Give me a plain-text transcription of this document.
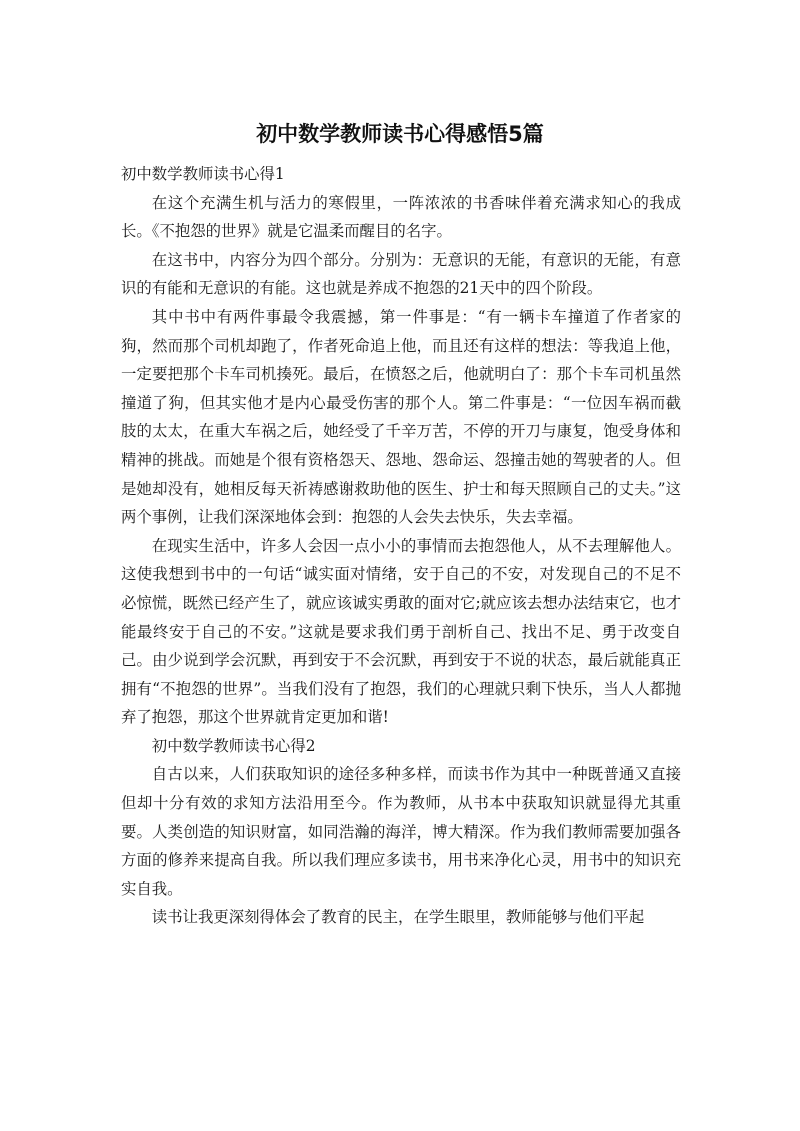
初中数学教师读书心得感悟5篇

初中数学教师读书心得1

在这个充满生机与活力的寒假里，一阵浓浓的书香味伴着充满求知心的我成长。《不抱怨的世界》就是它温柔而醒目的名字。

在这书中，内容分为四个部分。分别为：无意识的无能，有意识的无能，有意识的有能和无意识的有能。这也就是养成不抱怨的21天中的四个阶段。

其中书中有两件事最令我震撼，第一件事是：“有一辆卡车撞道了作者家的狗，然而那个司机却跑了，作者死命追上他，而且还有这样的想法：等我追上他，一定要把那个卡车司机揍死。最后，在愤怒之后，他就明白了：那个卡车司机虽然撞道了狗，但其实他才是内心最受伤害的那个人。第二件事是：“一位因车祸而截肢的太太，在重大车祸之后，她经受了千辛万苦，不停的开刀与康复，饱受身体和精神的挑战。而她是个很有资格怨天、怨地、怨命运、怨撞击她的驾驶者的人。但是她却没有，她相反每天祈祷感谢救助他的医生、护士和每天照顾自己的丈夫。”这两个事例，让我们深深地体会到：抱怨的人会失去快乐，失去幸福。

在现实生活中，许多人会因一点小小的事情而去抱怨他人，从不去理解他人。这使我想到书中的一句话“诚实面对情绪，安于自己的不安，对发现自己的不足不必惊慌，既然已经产生了，就应该诚实勇敢的面对它;就应该去想办法结束它，也才能最终安于自己的不安。”这就是要求我们勇于剖析自己、找出不足、勇于改变自己。由少说到学会沉默，再到安于不会沉默，再到安于不说的状态，最后就能真正拥有“不抱怨的世界”。当我们没有了抱怨，我们的心理就只剩下快乐，当人人都抛弃了抱怨，那这个世界就肯定更加和谐!

初中数学教师读书心得2

自古以来，人们获取知识的途径多种多样，而读书作为其中一种既普通又直接但却十分有效的求知方法沿用至今。作为教师，从书本中获取知识就显得尤其重要。人类创造的知识财富，如同浩瀚的海洋，博大精深。作为我们教师需要加强各方面的修养来提高自我。所以我们理应多读书，用书来净化心灵，用书中的知识充实自我。

读书让我更深刻得体会了教育的民主，在学生眼里，教师能够与他们平起
